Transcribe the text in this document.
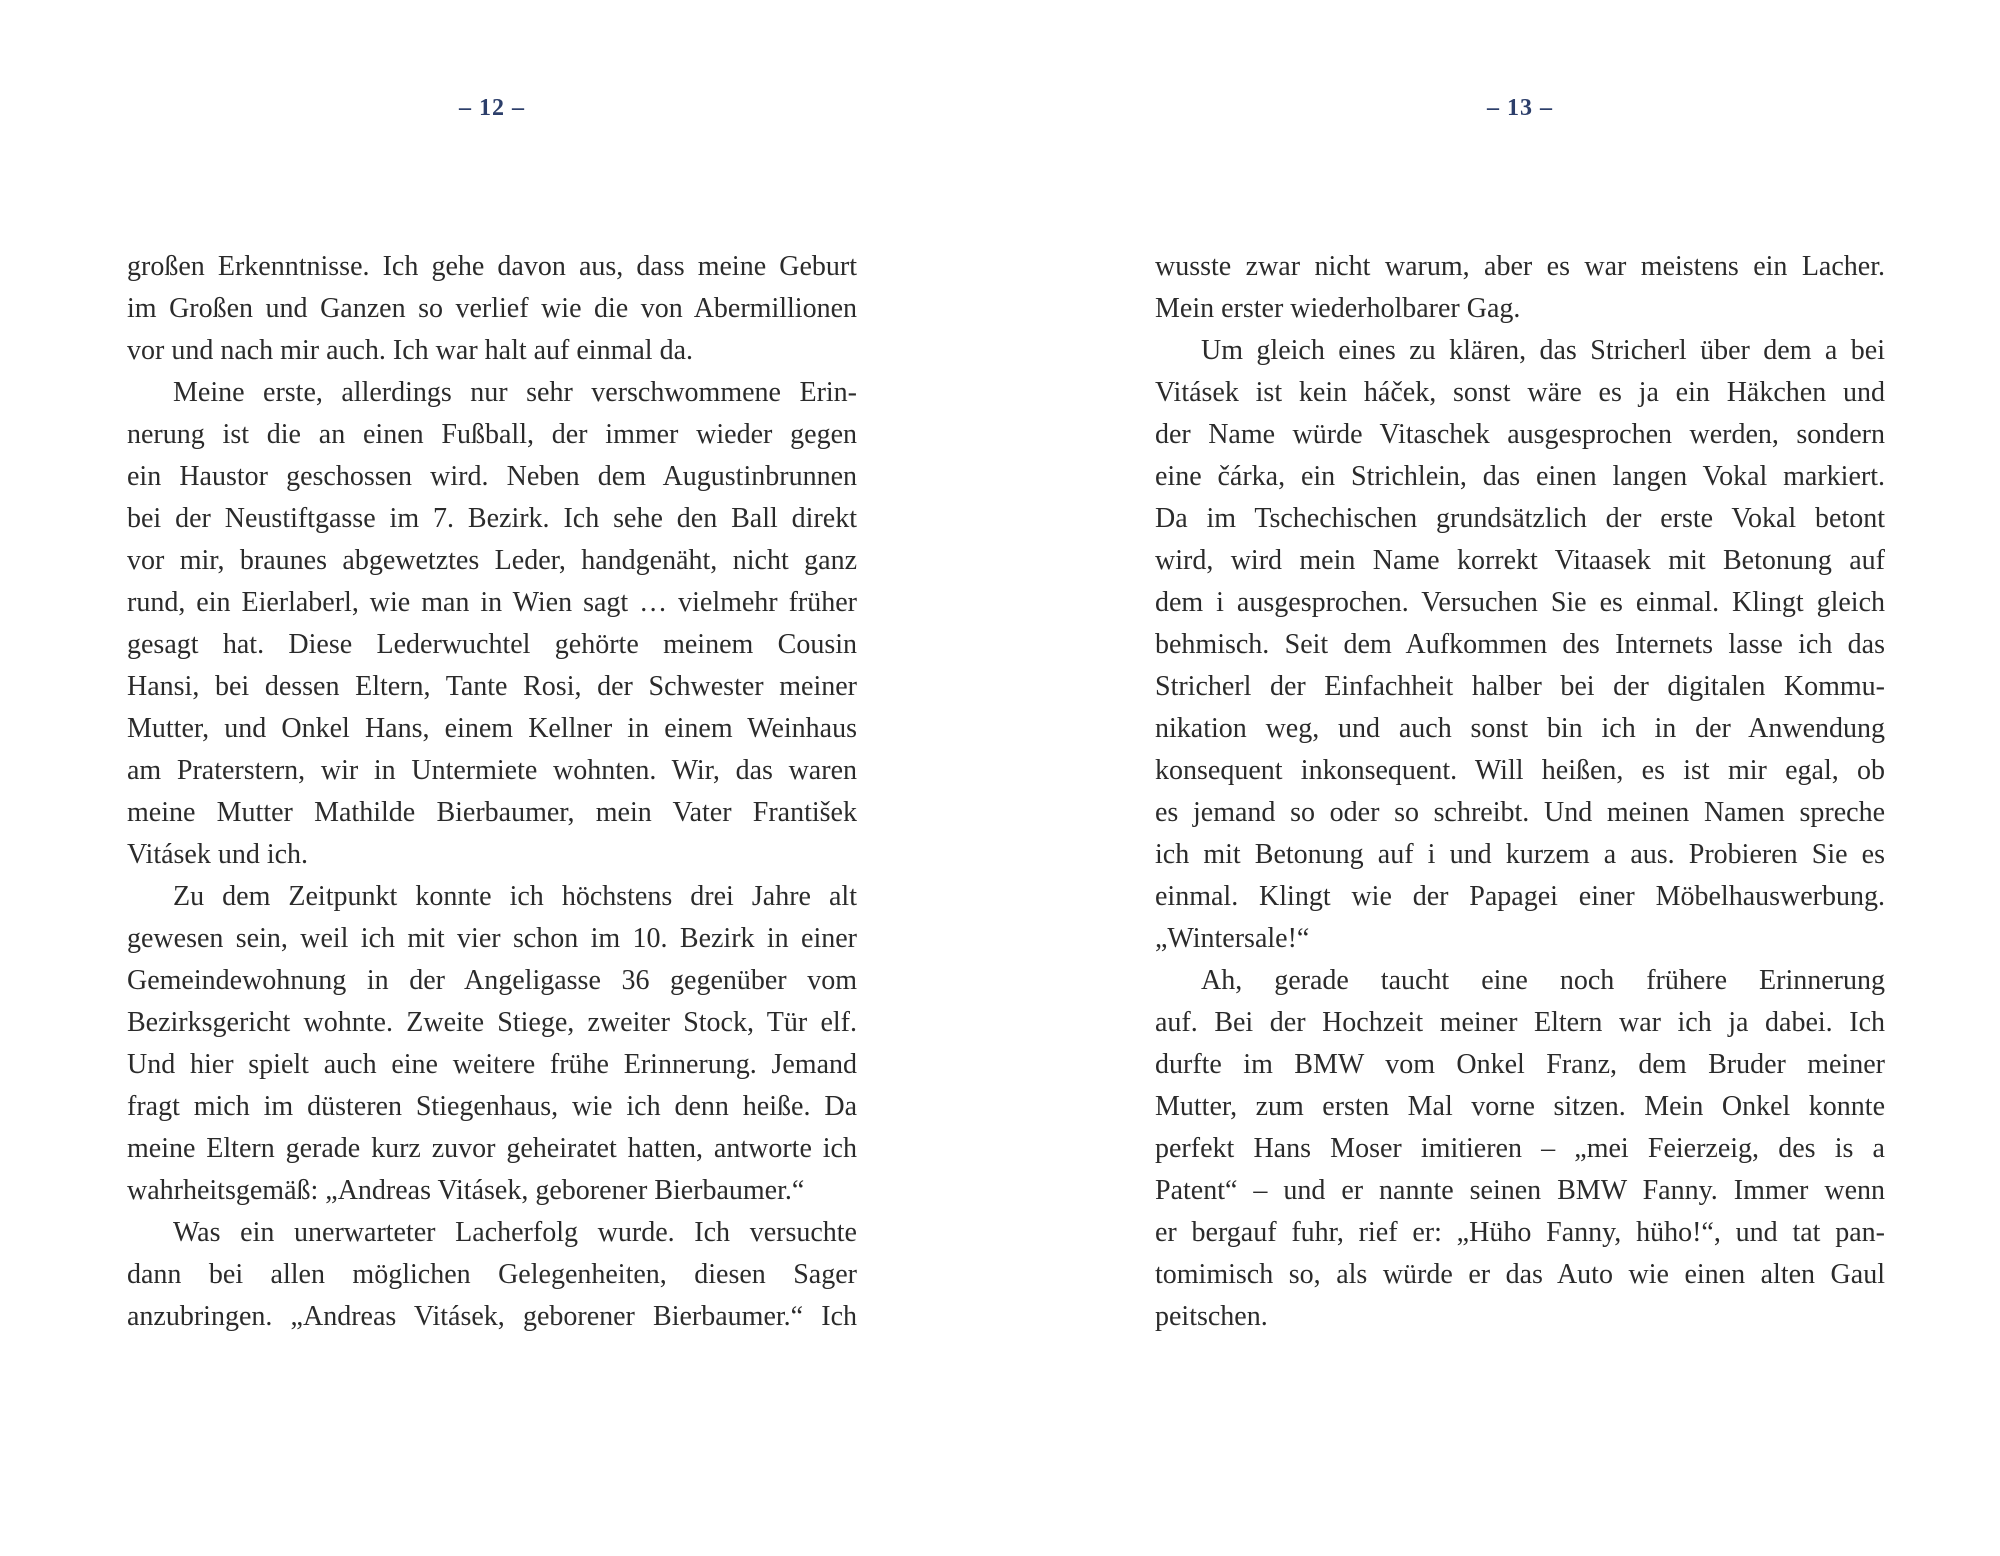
– 12 –
großen Erkenntnisse. Ich gehe davon aus, dass meine Geburt
im Großen und Ganzen so verlief wie die von Abermillionen
vor und nach mir auch. Ich war halt auf einmal da.
Meine erste, allerdings nur sehr verschwommene Erin-
nerung ist die an einen Fußball, der immer wieder gegen
ein Haustor geschossen wird. Neben dem Augustinbrunnen
bei der Neustiftgasse im 7. Bezirk. Ich sehe den Ball direkt
vor mir, braunes abgewetztes Leder, handgenäht, nicht ganz
rund, ein Eierlaberl, wie man in Wien sagt … vielmehr früher
gesagt hat. Diese Lederwuchtel gehörte meinem Cousin
Hansi, bei dessen Eltern, Tante Rosi, der Schwester meiner
Mutter, und Onkel Hans, einem Kellner in einem Weinhaus
am Praterstern, wir in Untermiete wohnten. Wir, das waren
meine Mutter Mathilde Bierbaumer, mein Vater František
Vitásek und ich.
Zu dem Zeitpunkt konnte ich höchstens drei Jahre alt
gewesen sein, weil ich mit vier schon im 10. Bezirk in einer
Gemeindewohnung in der Angeligasse 36 gegenüber vom
Bezirksgericht wohnte. Zweite Stiege, zweiter Stock, Tür elf.
Und hier spielt auch eine weitere frühe Erinnerung. Jemand
fragt mich im düsteren Stiegenhaus, wie ich denn heiße. Da
meine Eltern gerade kurz zuvor geheiratet hatten, antworte ich
wahrheitsgemäß: „Andreas Vitásek, geborener Bierbaumer.“
Was ein unerwarteter Lacherfolg wurde. Ich versuchte
dann bei allen möglichen Gelegenheiten, diesen Sager
anzubringen. „Andreas Vitásek, geborener Bierbaumer.“ Ich
– 13 –
wusste zwar nicht warum, aber es war meistens ein Lacher.
Mein erster wiederholbarer Gag.
Um gleich eines zu klären, das Stricherl über dem a bei
Vitásek ist kein háček, sonst wäre es ja ein Häkchen und
der Name würde Vitaschek ausgesprochen werden, sondern
eine čárka, ein Strichlein, das einen langen Vokal markiert.
Da im Tschechischen grundsätzlich der erste Vokal betont
wird, wird mein Name korrekt Vitaasek mit Betonung auf
dem i ausgesprochen. Versuchen Sie es einmal. Klingt gleich
behmisch. Seit dem Aufkommen des Internets lasse ich das
Stricherl der Einfachheit halber bei der digitalen Kommu-
nikation weg, und auch sonst bin ich in der Anwendung
konsequent inkonsequent. Will heißen, es ist mir egal, ob
es jemand so oder so schreibt. Und meinen Namen spreche
ich mit Betonung auf i und kurzem a aus. Probieren Sie es
einmal. Klingt wie der Papagei einer Möbelhauswerbung.
„Wintersale!“
Ah, gerade taucht eine noch frühere Erinnerung
auf. Bei der Hochzeit meiner Eltern war ich ja dabei. Ich
durfte im BMW vom Onkel Franz, dem Bruder meiner
Mutter, zum ersten Mal vorne sitzen. Mein Onkel konnte
perfekt Hans Moser imitieren – „mei Feierzeig, des is a
Patent“ – und er nannte seinen BMW Fanny. Immer wenn
er bergauf fuhr, rief er: „Hüho Fanny, hüho!“, und tat pan-
tomimisch so, als würde er das Auto wie einen alten Gaul
peitschen.
